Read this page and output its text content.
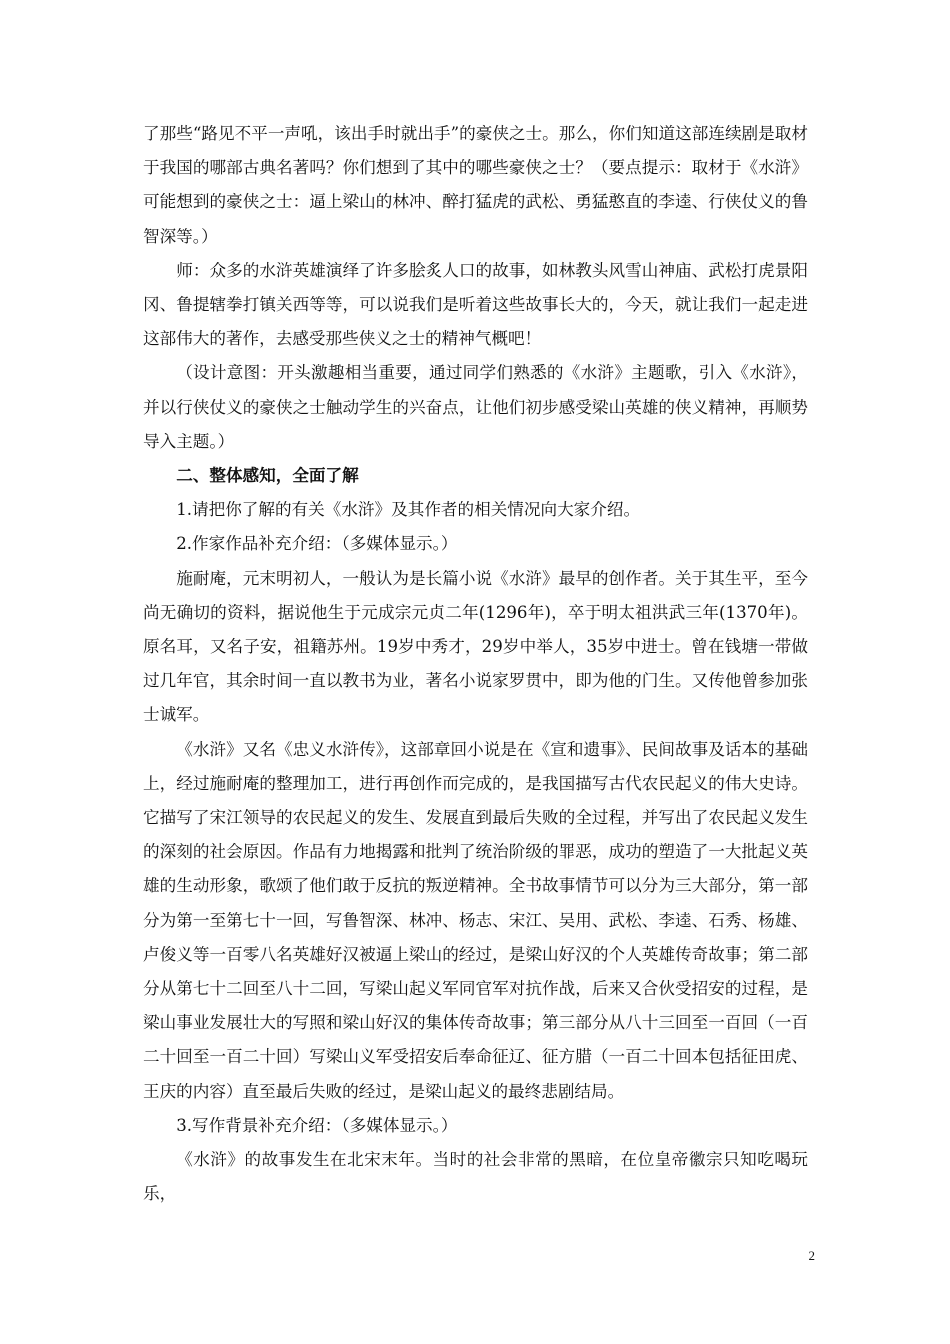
了那些“路见不平一声吼，该出手时就出手”的豪侠之士。那么，你们知道这部连续剧是取材于我国的哪部古典名著吗？你们想到了其中的哪些豪侠之士？（要点提示：取材于《水浒》可能想到的豪侠之士：逼上梁山的林冲、醉打猛虎的武松、勇猛憨直的李逵、行侠仗义的鲁智深等。）

师：众多的水浒英雄演绎了许多脍炙人口的故事，如林教头风雪山神庙、武松打虎景阳冈、鲁提辖拳打镇关西等等，可以说我们是听着这些故事长大的，今天，就让我们一起走进这部伟大的著作，去感受那些侠义之士的精神气概吧！

（设计意图：开头激趣相当重要，通过同学们熟悉的《水浒》主题歌，引入《水浒》，并以行侠仗义的豪侠之士触动学生的兴奋点，让他们初步感受梁山英雄的侠义精神，再顺势导入主题。）

二、整体感知，全面了解

1.请把你了解的有关《水浒》及其作者的相关情况向大家介绍。

2.作家作品补充介绍：（多媒体显示。）

施耐庵，元末明初人，一般认为是长篇小说《水浒》最早的创作者。关于其生平，至今尚无确切的资料，据说他生于元成宗元贞二年(1296年)，卒于明太祖洪武三年(1370年)。原名耳，又名子安，祖籍苏州。19岁中秀才，29岁中举人，35岁中进士。曾在钱塘一带做过几年官，其余时间一直以教书为业，著名小说家罗贯中，即为他的门生。又传他曾参加张士诚军。

《水浒》又名《忠义水浒传》，这部章回小说是在《宣和遗事》、民间故事及话本的基础上，经过施耐庵的整理加工，进行再创作而完成的，是我国描写古代农民起义的伟大史诗。它描写了宋江领导的农民起义的发生、发展直到最后失败的全过程，并写出了农民起义发生的深刻的社会原因。作品有力地揭露和批判了统治阶级的罪恶，成功的塑造了一大批起义英雄的生动形象，歌颂了他们敢于反抗的叛逆精神。全书故事情节可以分为三大部分，第一部分为第一至第七十一回，写鲁智深、林冲、杨志、宋江、吴用、武松、李逵、石秀、杨雄、卢俊义等一百零八名英雄好汉被逼上梁山的经过，是梁山好汉的个人英雄传奇故事；第二部分从第七十二回至八十二回，写梁山起义军同官军对抗作战，后来又合伙受招安的过程，是梁山事业发展壮大的写照和梁山好汉的集体传奇故事；第三部分从八十三回至一百回（一百二十回至一百二十回）写梁山义军受招安后奉命征辽、征方腊（一百二十回本包括征田虎、王庆的内容）直至最后失败的经过，是梁山起义的最终悲剧结局。

3.写作背景补充介绍：（多媒体显示。）

《水浒》的故事发生在北宋末年。当时的社会非常的黑暗，在位皇帝徽宗只知吃喝玩乐，

2
